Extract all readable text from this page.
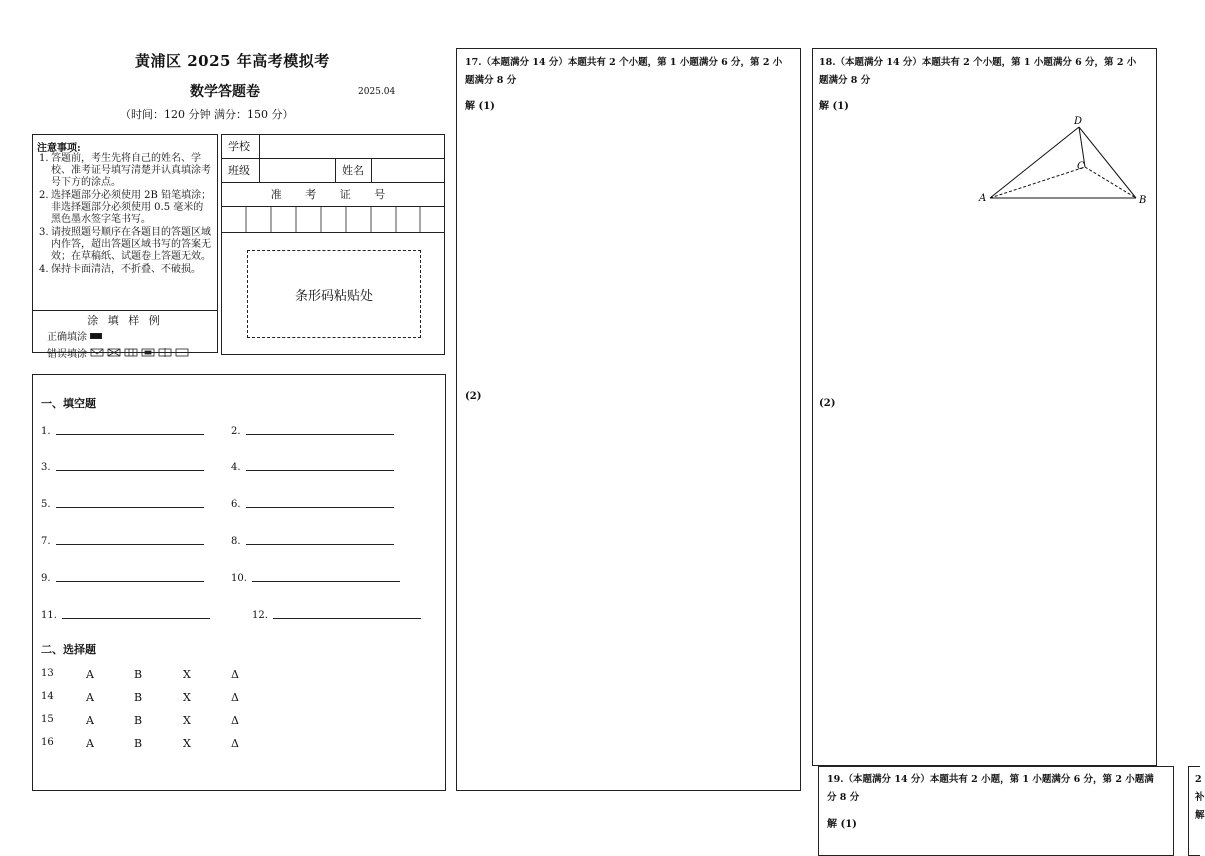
黄浦区 2025 年高考模拟考
数学答题卷	2025.04
（时间：120 分钟 满分：150 分）
注意事项:
1. 答题前，考生先将自己的姓名、学校、准考证号填写清楚并认真填涂考号下方的涂点。
2. 选择题部分必须使用 2B 铅笔填涂；非选择题部分必须使用 0.5 毫米的黑色墨水签字笔书写。
3. 请按照题号顺序在各题目的答题区域内作答，超出答题区域书写的答案无效；在草稿纸、试题卷上答题无效。
4. 保持卡面清洁，不折叠、不破损。
涂 填 样 例
正确填涂
错误填涂
学校
班级	姓名
准 考 证 号
条形码粘贴处
一、填空题
1.	2.
3.	4.
5.	6.
7.	8.
9.	10.
11.	12.
二、选择题
13	A	B	X	Δ
14	A	B	X	Δ
15	A	B	X	Δ
16	A	B	X	Δ
17.（本题满分 14 分）本题共有 2 个小题，第 1 小题满分 6 分，第 2 小
题满分 8 分
解 (1)
(2)
18.（本题满分 14 分）本题共有 2 个小题，第 1 小题满分 6 分，第 2 小
题满分 8 分
解 (1)
A	B
C
D
(2)
19.（本题满分 14 分）本题共有 2 小题，第 1 小题满分 6 分，第 2 小题满
分 8 分
解 (1)
2
补
解
